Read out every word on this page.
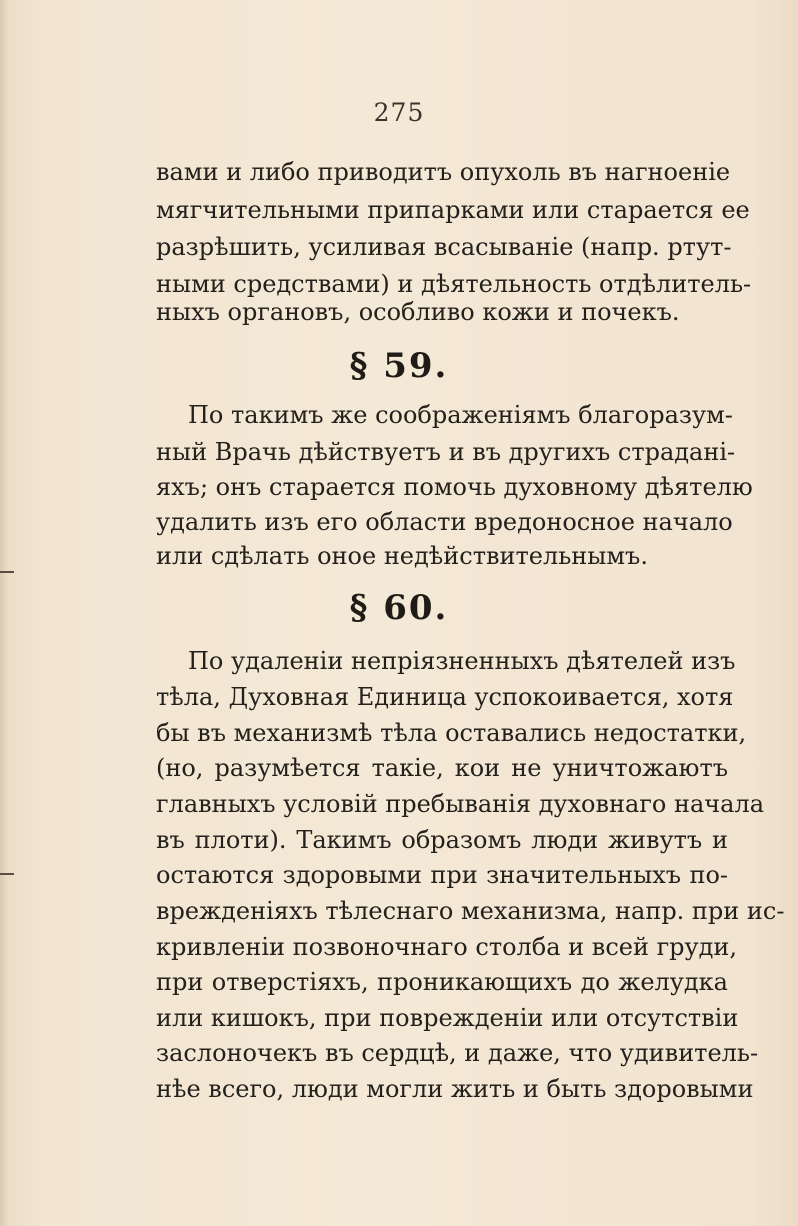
275
вами и либо приводитъ опухоль въ нагноенiе
мягчительными припарками или старается ее
разрѣшить, усиливая всасыванiе (напр. ртут-
ными средствами) и дѣятельность отдѣлитель-
ныхъ органовъ, особливо кожи и почекъ.
§ 59.
По такимъ же соображенiямъ благоразум-
ный Врачь дѣйствуетъ и въ другихъ страданi-
яхъ; онъ старается помочь духовному дѣятелю
удалить изъ его области вредоносное начало
или сдѣлать оное недѣйствительнымъ.
§ 60.
По удаленiи непрiязненныхъ дѣятелей изъ
тѣла, Духовная Единица успокоивается, хотя
бы въ механизмѣ тѣла оставались недостатки,
(но, разумѣется такiе, кои не уничтожаютъ
главныхъ условiй пребыванiя духовнаго начала
въ плоти). Такимъ образомъ люди живутъ и
остаются здоровыми при значительныхъ по-
врежденiяхъ тѣлеснаго механизма, напр. при ис-
кривленiи позвоночнаго столба и всей груди,
при отверстiяхъ, проникающихъ до желудка
или кишокъ, при поврежденiи или отсутствiи
заслоночекъ въ сердцѣ, и даже, что удивитель-
нѣе всего, люди могли жить и быть здоровыми
